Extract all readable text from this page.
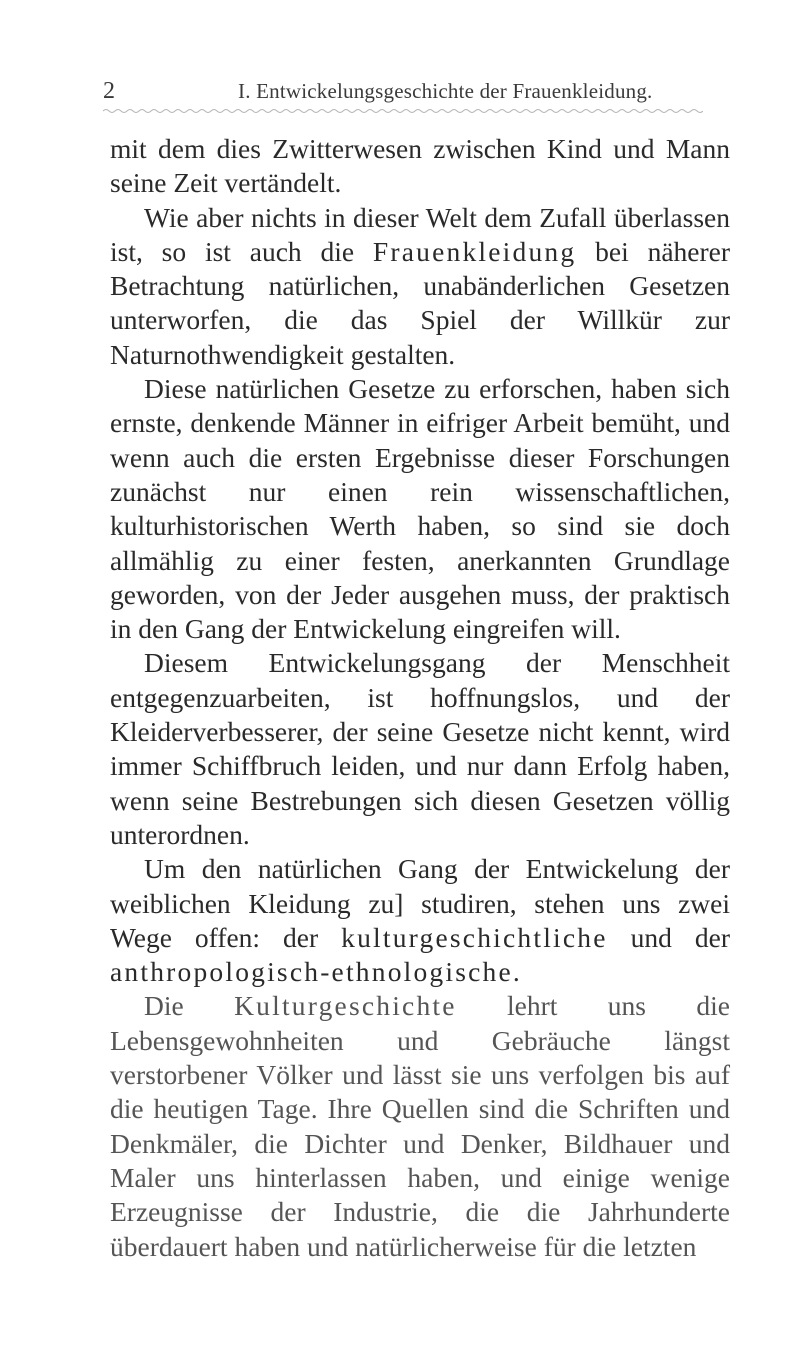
2	I. Entwickelungsgeschichte der Frauenkleidung.

mit dem dies Zwitterwesen zwischen Kind und Mann seine Zeit vertändelt.

Wie aber nichts in dieser Welt dem Zufall überlassen ist, so ist auch die Frauenkleidung bei näherer Betrachtung natürlichen, unabänderlichen Gesetzen unterworfen, die das Spiel der Willkür zur Naturnothwendigkeit gestalten.

Diese natürlichen Gesetze zu erforschen, haben sich ernste, denkende Männer in eifriger Arbeit bemüht, und wenn auch die ersten Ergebnisse dieser Forschungen zunächst nur einen rein wissenschaftlichen, kulturhistorischen Werth haben, so sind sie doch allmählig zu einer festen, anerkannten Grundlage geworden, von der Jeder ausgehen muss, der praktisch in den Gang der Entwickelung eingreifen will.

Diesem Entwickelungsgang der Menschheit entgegenzuarbeiten, ist hoffnungslos, und der Kleiderverbesserer, der seine Gesetze nicht kennt, wird immer Schiffbruch leiden, und nur dann Erfolg haben, wenn seine Bestrebungen sich diesen Gesetzen völlig unterordnen.

Um den natürlichen Gang der Entwickelung der weiblichen Kleidung zu] studiren, stehen uns zwei Wege offen: der kulturgeschichtliche und der anthropologisch-ethnologische.

Die Kulturgeschichte lehrt uns die Lebensgewohnheiten und Gebräuche längst verstorbener Völker und lässt sie uns verfolgen bis auf die heutigen Tage. Ihre Quellen sind die Schriften und Denkmäler, die Dichter und Denker, Bildhauer und Maler uns hinterlassen haben, und einige wenige Erzeugnisse der Industrie, die die Jahrhunderte überdauert haben und natürlicherweise für die letzten
